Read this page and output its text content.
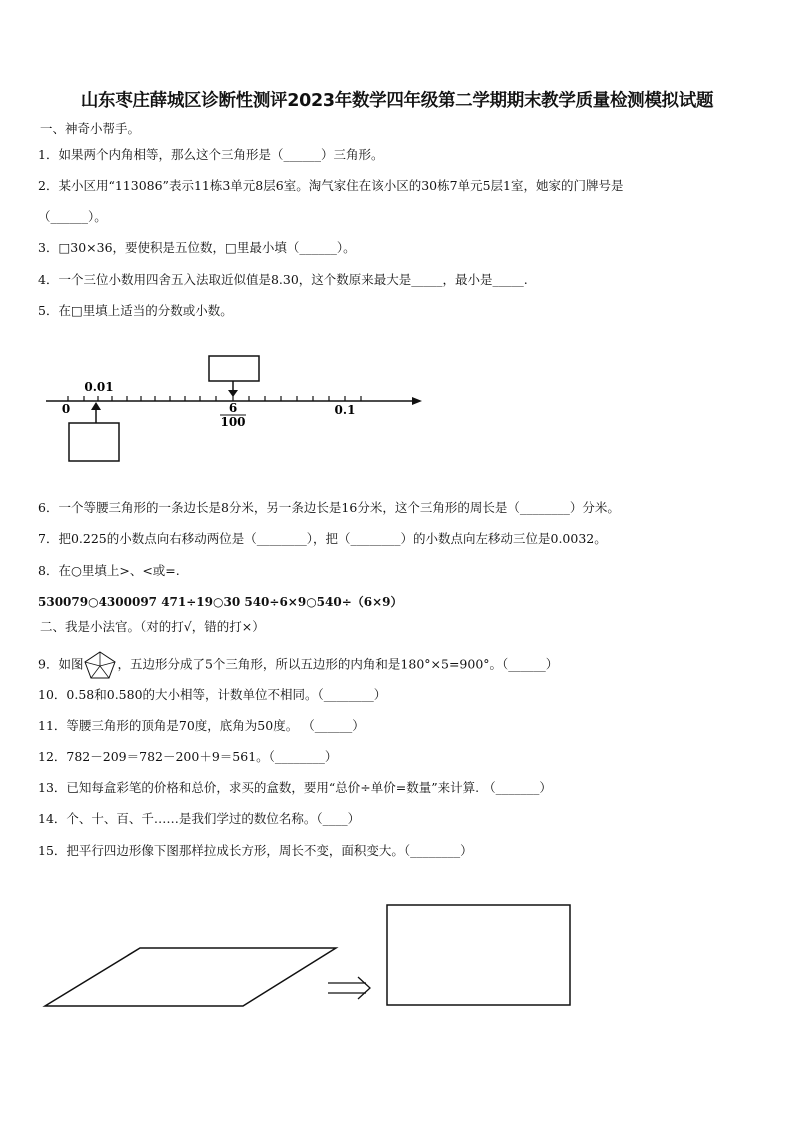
山东枣庄薛城区诊断性测评2023年数学四年级第二学期期末教学质量检测模拟试题
一、神奇小帮手。
1．如果两个内角相等，那么这个三角形是（______）三角形。
2．某小区用“113086”表示11栋3单元8层6室。淘气家住在该小区的30栋7单元5层1室，她家的门牌号是
（______）。
3．□30×36，要使积是五位数，□里最小填（______）。
4．一个三位小数用四舍五入法取近似值是8.30，这个数原来最大是_____，最小是_____.
5．在□里填上适当的分数或小数。
0
0.01
6
100
0.1
6．一个等腰三角形的一条边长是8分米，另一条边长是16分米，这个三角形的周长是（________）分米。
7．把0.225的小数点向右移动两位是（________），把（________）的小数点向左移动三位是0.0032。
8．在○里填上>、<或=.
530079○4300097 471÷19○30 540÷6×9○540÷（6×9）
二、我是小法官。（对的打√，错的打×）
9．如图	，五边形分成了5个三角形，所以五边形的内角和是180°×5=900°。（______）
10．0.58和0.580的大小相等，计数单位不相同。（________）
11．等腰三角形的顶角是70度，底角为50度。 （______）
12．782－209＝782－200＋9＝561。（________）
13．已知每盒彩笔的价格和总价，求买的盒数，要用“总价÷单价=数量”来计算. （_______）
14．个、十、百、千……是我们学过的数位名称。（____）
15．把平行四边形像下图那样拉成长方形，周长不变，面积变大。（________）
